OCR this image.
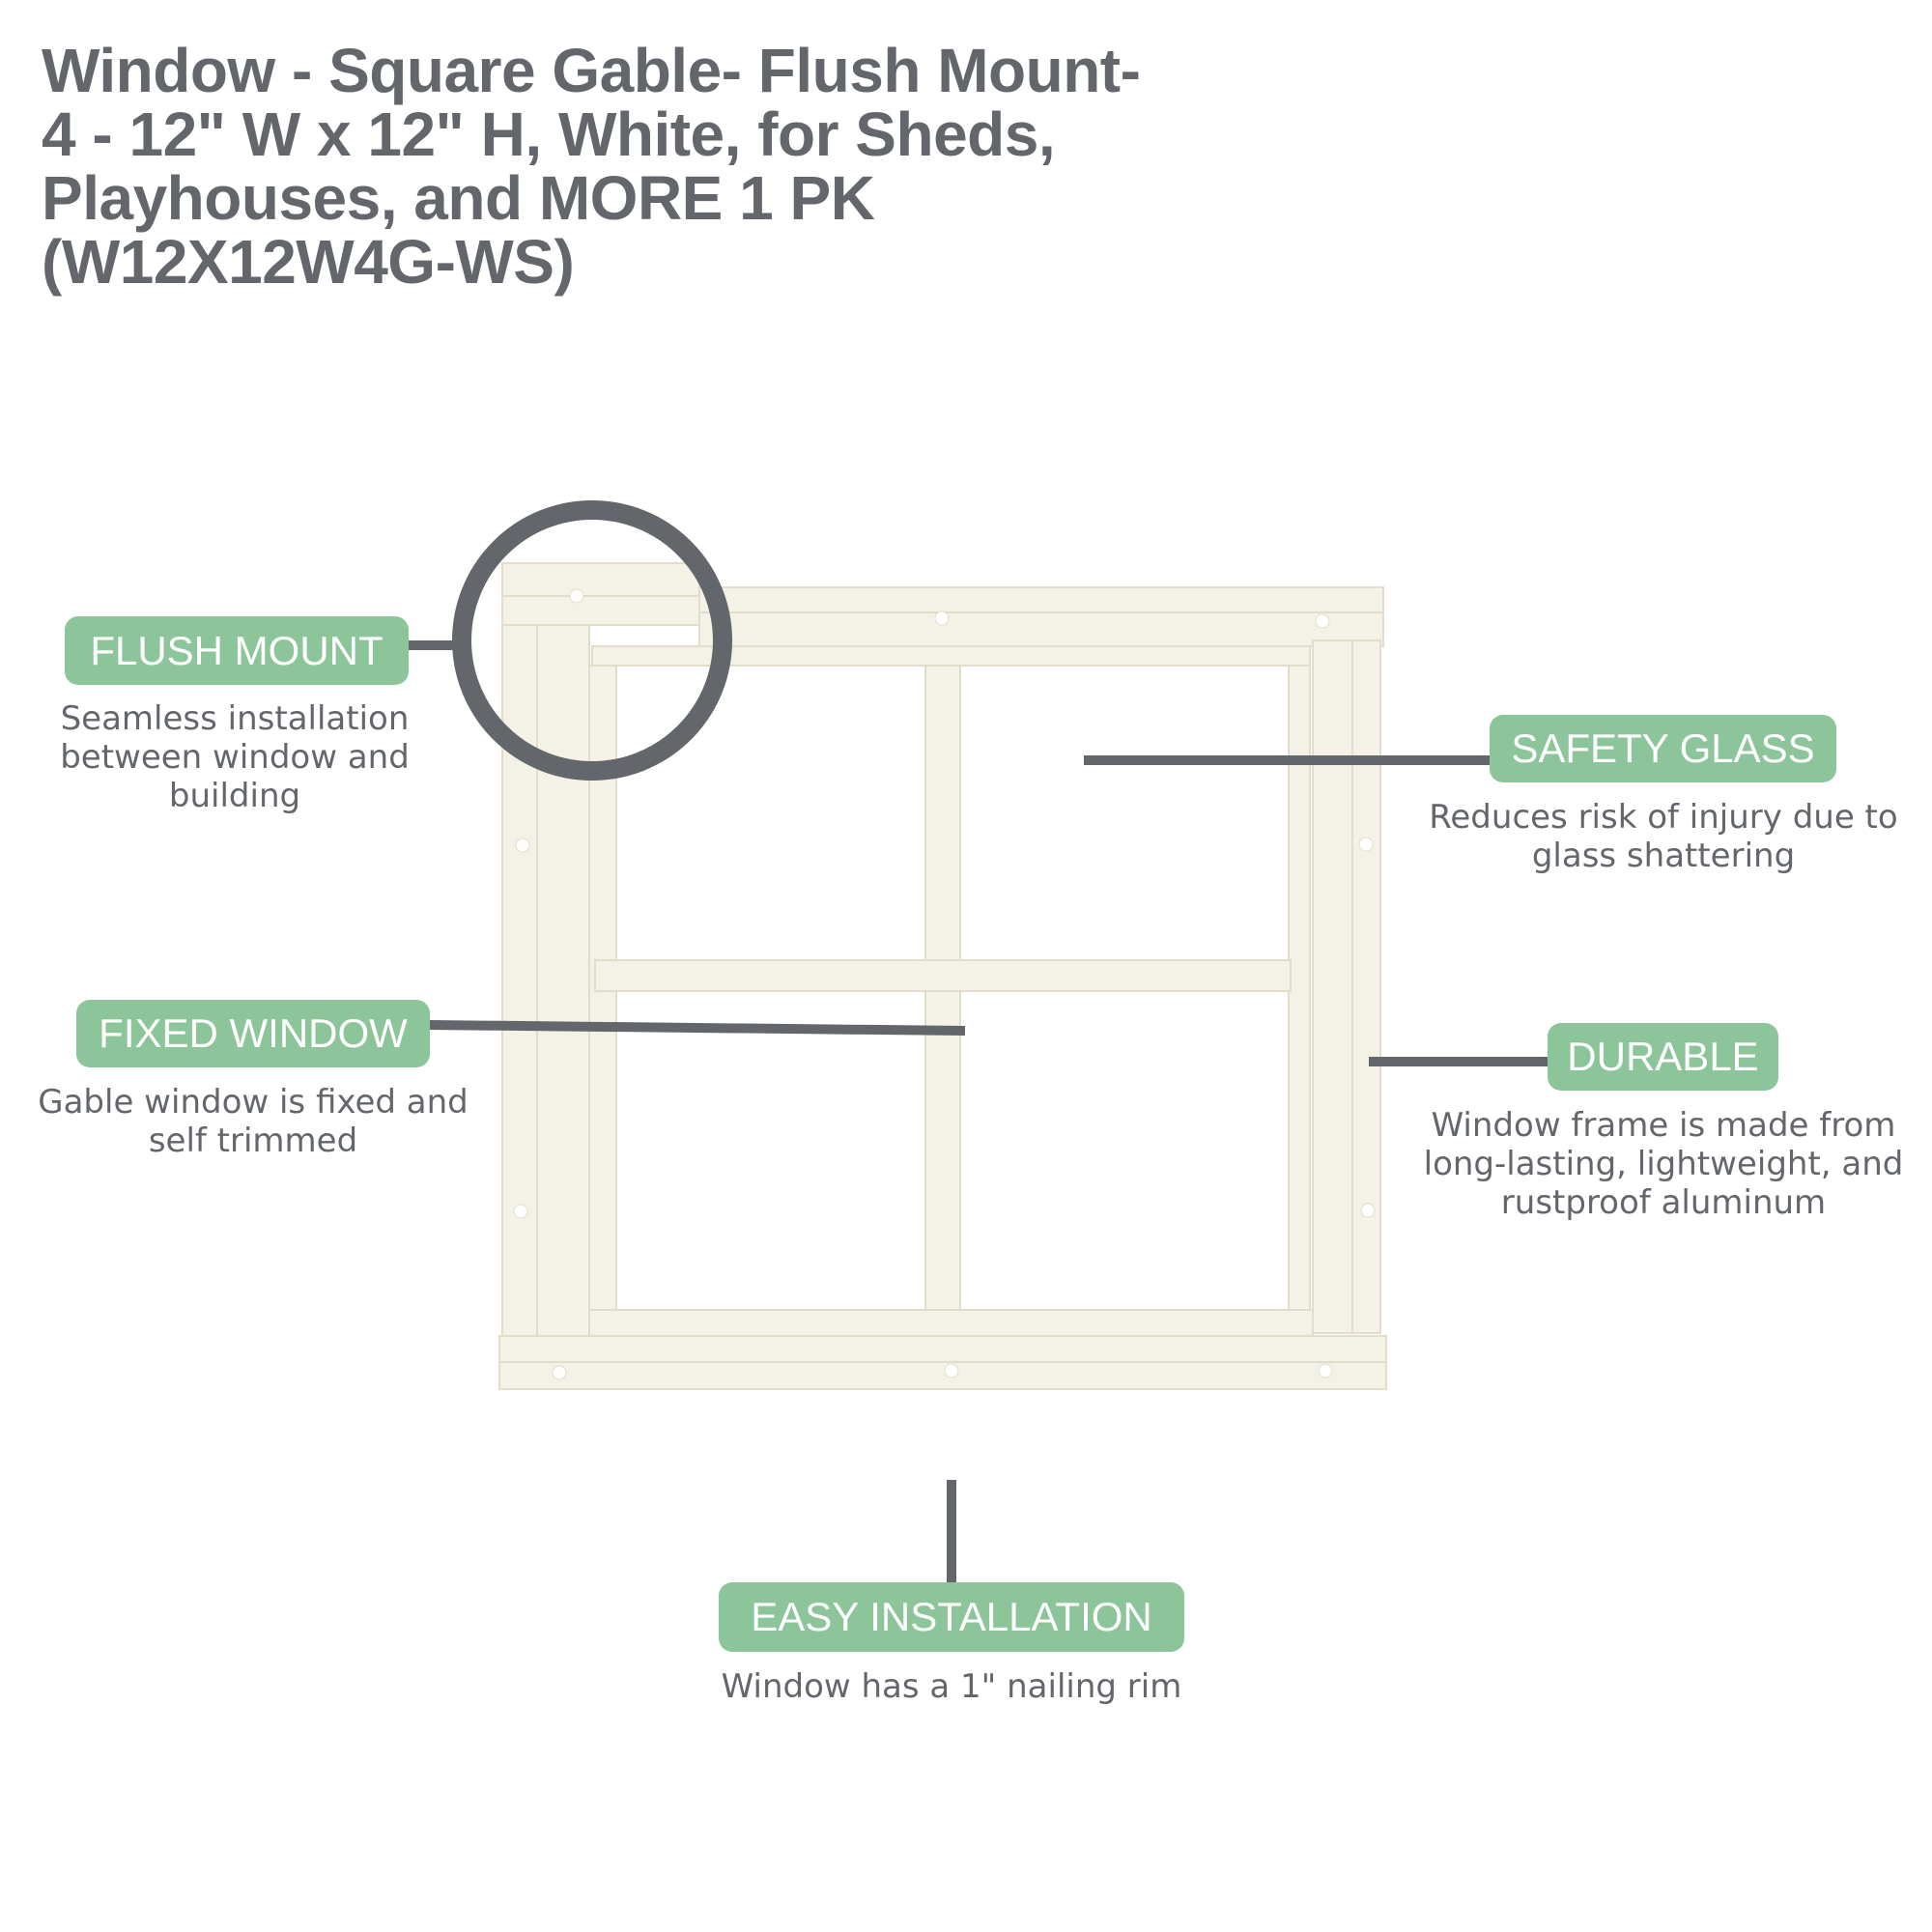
Window - Square Gable- Flush Mount-
4 - 12" W x 12" H, White, for Sheds,
Playhouses, and MORE 1 PK
(W12X12W4G-WS)
FLUSH MOUNT
Seamless installation
between window and
building
SAFETY GLASS
Reduces risk of injury due to
glass shattering
FIXED WINDOW
Gable window is fixed and
self trimmed
DURABLE
Window frame is made from
long-lasting, lightweight, and
rustproof aluminum
EASY INSTALLATION
Window has a 1" nailing rim
